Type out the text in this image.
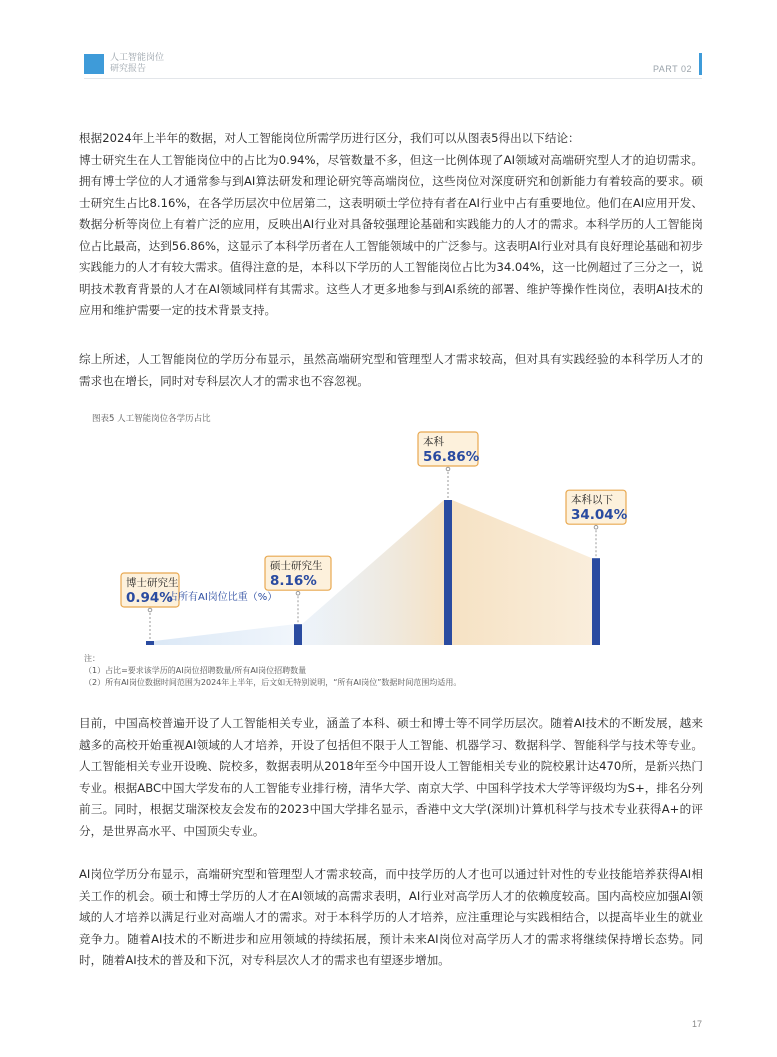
人工智能岗位
研究报告	PART 02
根据2024年上半年的数据，对人工智能岗位所需学历进行区分，我们可以从图表5得出以下结论：
博士研究生在人工智能岗位中的占比为0.94%，尽管数量不多，但这一比例体现了AI领域对高端研究型人才的迫切需求。拥有博士学位的人才通常参与到AI算法研发和理论研究等高端岗位，这些岗位对深度研究和创新能力有着较高的要求。硕士研究生占比8.16%，在各学历层次中位居第二，这表明硕士学位持有者在AI行业中占有重要地位。他们在AI应用开发、数据分析等岗位上有着广泛的应用，反映出AI行业对具备较强理论基础和实践能力的人才的需求。本科学历的人工智能岗位占比最高，达到56.86%，这显示了本科学历者在人工智能领域中的广泛参与。这表明AI行业对具有良好理论基础和初步实践能力的人才有较大需求。值得注意的是，本科以下学历的人工智能岗位占比为34.04%，这一比例超过了三分之一，说明技术教育背景的人才在AI领域同样有其需求。这些人才更多地参与到AI系统的部署、维护等操作性岗位，表明AI技术的应用和维护需要一定的技术背景支持。
综上所述，人工智能岗位的学历分布显示，虽然高端研究型和管理型人才需求较高，但对具有实践经验的本科学历人才的需求也在增长，同时对专科层次人才的需求也不容忽视。
图表5 人工智能岗位各学历占比
博士研究生
0.94%
硕士研究生
8.16%
本科
56.86%
本科以下
34.04%
占所有AI岗位比重（%）
注：
（1）占比=要求该学历的AI岗位招聘数量/所有AI岗位招聘数量
（2）所有AI岗位数据时间范围为2024年上半年，后文如无特别说明，“所有AI岗位”数据时间范围均适用。
目前，中国高校普遍开设了人工智能相关专业，涵盖了本科、硕士和博士等不同学历层次。随着AI技术的不断发展，越来越多的高校开始重视AI领域的人才培养，开设了包括但不限于人工智能、机器学习、数据科学、智能科学与技术等专业。人工智能相关专业开设晚、院校多，数据表明从2018年至今中国开设人工智能相关专业的院校累计达470所，是新兴热门专业。根据ABC中国大学发布的人工智能专业排行榜，清华大学、南京大学、中国科学技术大学等评级均为S+，排名分列前三。同时，根据艾瑞深校友会发布的2023中国大学排名显示，香港中文大学(深圳)计算机科学与技术专业获得A+的评分，是世界高水平、中国顶尖专业。
AI岗位学历分布显示，高端研究型和管理型人才需求较高，而中技学历的人才也可以通过针对性的专业技能培养获得AI相关工作的机会。硕士和博士学历的人才在AI领域的高需求表明，AI行业对高学历人才的依赖度较高。国内高校应加强AI领域的人才培养以满足行业对高端人才的需求。对于本科学历的人才培养，应注重理论与实践相结合，以提高毕业生的就业竞争力。随着AI技术的不断进步和应用领域的持续拓展，预计未来AI岗位对高学历人才的需求将继续保持增长态势。同时，随着AI技术的普及和下沉，对专科层次人才的需求也有望逐步增加。
17
